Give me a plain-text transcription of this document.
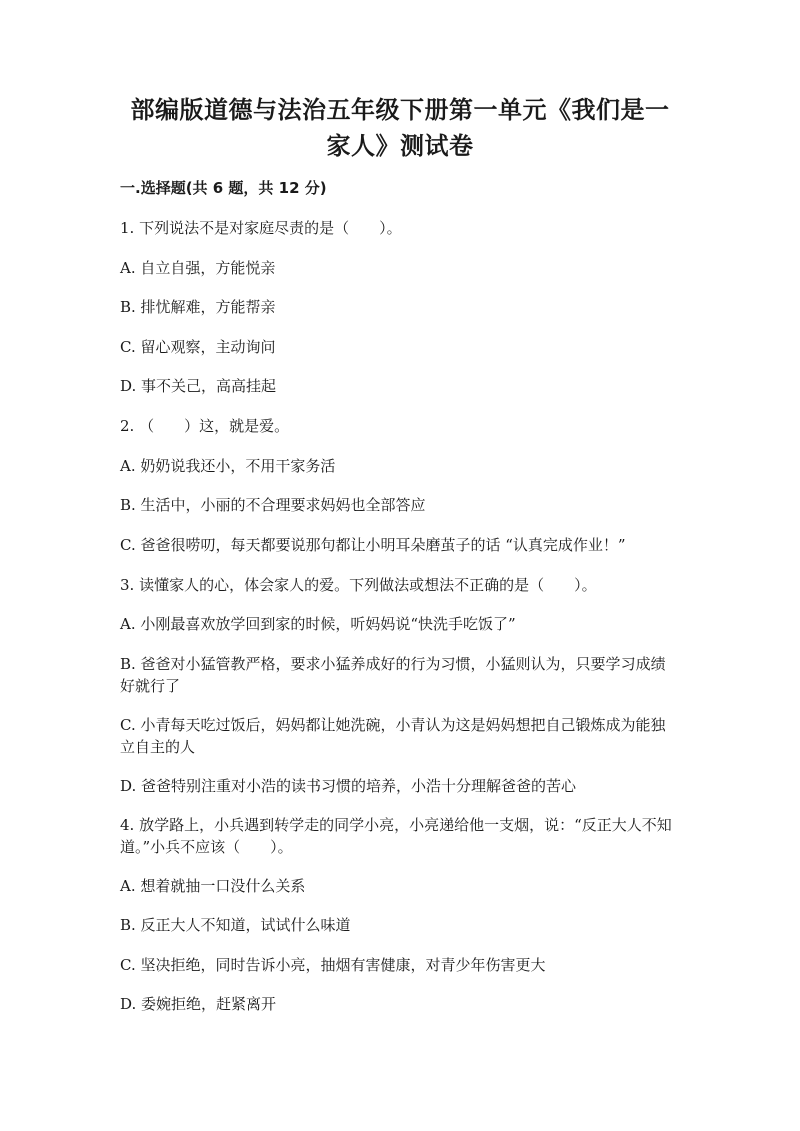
部编版道德与法治五年级下册第一单元《我们是一
家人》测试卷
一.选择题(共 6 题，共 12 分)
1. 下列说法不是对家庭尽责的是（　　）。
A. 自立自强，方能悦亲
B. 排忧解难，方能帮亲
C. 留心观察，主动询问
D. 事不关己，高高挂起
2. （　　）这，就是爱。
A. 奶奶说我还小，不用干家务活
B. 生活中，小丽的不合理要求妈妈也全部答应
C. 爸爸很唠叨，每天都要说那句都让小明耳朵磨茧子的话 “认真完成作业！”
3. 读懂家人的心，体会家人的爱。下列做法或想法不正确的是（　　）。
A. 小刚最喜欢放学回到家的时候，听妈妈说“快洗手吃饭了”
B. 爸爸对小猛管教严格，要求小猛养成好的行为习惯，小猛则认为，只要学习成绩好就行了
C. 小青每天吃过饭后，妈妈都让她洗碗，小青认为这是妈妈想把自己锻炼成为能独立自主的人
D. 爸爸特别注重对小浩的读书习惯的培养，小浩十分理解爸爸的苦心
4. 放学路上，小兵遇到转学走的同学小亮，小亮递给他一支烟，说：“反正大人不知道。”小兵不应该（　　）。
A. 想着就抽一口没什么关系
B. 反正大人不知道，试试什么味道
C. 坚决拒绝，同时告诉小亮，抽烟有害健康，对青少年伤害更大
D. 委婉拒绝，赶紧离开
